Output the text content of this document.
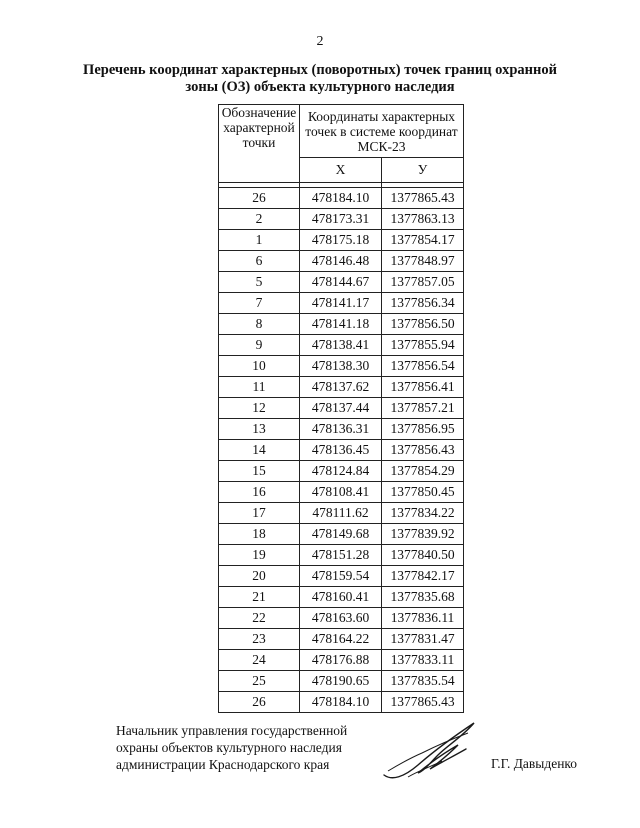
2
Перечень координат характерных (поворотных) точек границ охранной
зоны (ОЗ) объекта культурного наследия
Обозначение характерной точки	Координаты характерных точек в системе координат МСК-23	
	Х	У

26	478184.10	1377865.43
2	478173.31	1377863.13
1	478175.18	1377854.17
6	478146.48	1377848.97
5	478144.67	1377857.05
7	478141.17	1377856.34
8	478141.18	1377856.50
9	478138.41	1377855.94
10	478138.30	1377856.54
11	478137.62	1377856.41
12	478137.44	1377857.21
13	478136.31	1377856.95
14	478136.45	1377856.43
15	478124.84	1377854.29
16	478108.41	1377850.45
17	478111.62	1377834.22
18	478149.68	1377839.92
19	478151.28	1377840.50
20	478159.54	1377842.17
21	478160.41	1377835.68
22	478163.60	1377836.11
23	478164.22	1377831.47
24	478176.88	1377833.11
25	478190.65	1377835.54
26	478184.10	1377865.43
Начальник управления государственной
охраны объектов культурного наследия
администрации Краснодарского края	Г.Г. Давыденко
